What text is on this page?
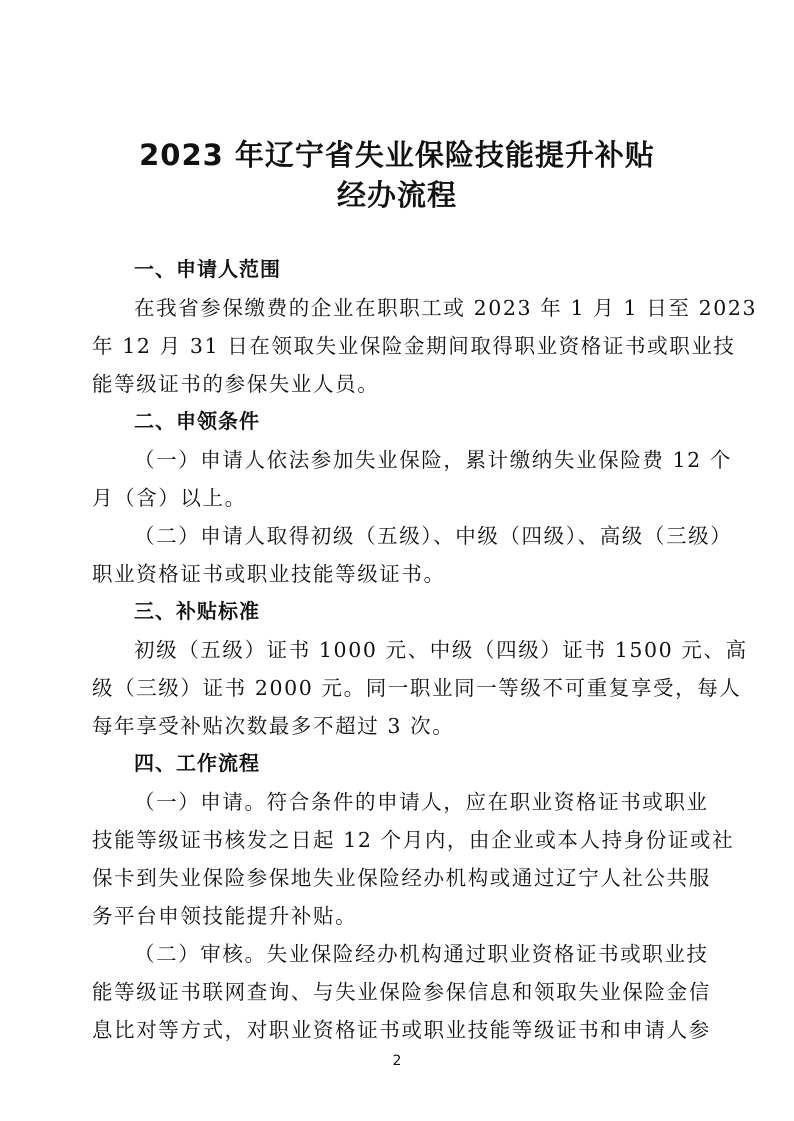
2023 年辽宁省失业保险技能提升补贴
经办流程
一、申请人范围
在我省参保缴费的企业在职职工或 2023 年 1 月 1 日至 2023
年 12 月 31 日在领取失业保险金期间取得职业资格证书或职业技
能等级证书的参保失业人员。
二、申领条件
（一）申请人依法参加失业保险，累计缴纳失业保险费 12 个
月（含）以上。
（二）申请人取得初级（五级）、中级（四级）、高级（三级）
职业资格证书或职业技能等级证书。
三、补贴标准
初级（五级）证书 1000 元、中级（四级）证书 1500 元、高
级（三级）证书 2000 元。同一职业同一等级不可重复享受，每人
每年享受补贴次数最多不超过 3 次。
四、工作流程
（一）申请。符合条件的申请人，应在职业资格证书或职业
技能等级证书核发之日起 12 个月内，由企业或本人持身份证或社
保卡到失业保险参保地失业保险经办机构或通过辽宁人社公共服
务平台申领技能提升补贴。
（二）审核。失业保险经办机构通过职业资格证书或职业技
能等级证书联网查询、与失业保险参保信息和领取失业保险金信
息比对等方式，对职业资格证书或职业技能等级证书和申请人参
2
